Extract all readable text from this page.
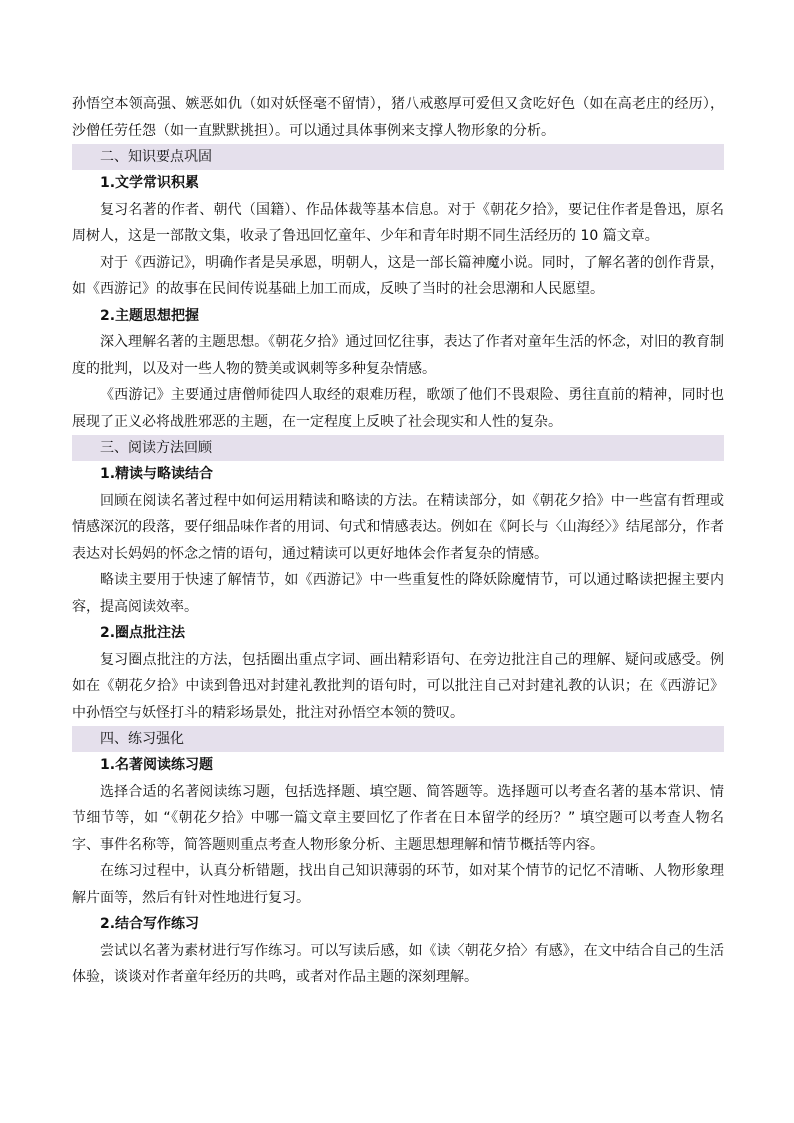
孙悟空本领高强、嫉恶如仇（如对妖怪毫不留情），猪八戒憨厚可爱但又贪吃好色（如在高老庄的经历），沙僧任劳任怨（如一直默默挑担）。可以通过具体事例来支撑人物形象的分析。

二、知识要点巩固

1.文学常识积累

复习名著的作者、朝代（国籍）、作品体裁等基本信息。对于《朝花夕拾》，要记住作者是鲁迅，原名周树人，这是一部散文集，收录了鲁迅回忆童年、少年和青年时期不同生活经历的 10 篇文章。

对于《西游记》，明确作者是吴承恩，明朝人，这是一部长篇神魔小说。同时，了解名著的创作背景，如《西游记》的故事在民间传说基础上加工而成，反映了当时的社会思潮和人民愿望。

2.主题思想把握

深入理解名著的主题思想。《朝花夕拾》通过回忆往事，表达了作者对童年生活的怀念，对旧的教育制度的批判，以及对一些人物的赞美或讽刺等多种复杂情感。

《西游记》主要通过唐僧师徒四人取经的艰难历程，歌颂了他们不畏艰险、勇往直前的精神，同时也展现了正义必将战胜邪恶的主题，在一定程度上反映了社会现实和人性的复杂。

三、阅读方法回顾

1.精读与略读结合

回顾在阅读名著过程中如何运用精读和略读的方法。在精读部分，如《朝花夕拾》中一些富有哲理或情感深沉的段落，要仔细品味作者的用词、句式和情感表达。例如在《阿长与〈山海经〉》结尾部分，作者表达对长妈妈的怀念之情的语句，通过精读可以更好地体会作者复杂的情感。

略读主要用于快速了解情节，如《西游记》中一些重复性的降妖除魔情节，可以通过略读把握主要内容，提高阅读效率。

2.圈点批注法

复习圈点批注的方法，包括圈出重点字词、画出精彩语句、在旁边批注自己的理解、疑问或感受。例如在《朝花夕拾》中读到鲁迅对封建礼教批判的语句时，可以批注自己对封建礼教的认识；在《西游记》中孙悟空与妖怪打斗的精彩场景处，批注对孙悟空本领的赞叹。

四、练习强化

1.名著阅读练习题

选择合适的名著阅读练习题，包括选择题、填空题、简答题等。选择题可以考查名著的基本常识、情节细节等，如 “《朝花夕拾》中哪一篇文章主要回忆了作者在日本留学的经历？” 填空题可以考查人物名字、事件名称等，简答题则重点考查人物形象分析、主题思想理解和情节概括等内容。

在练习过程中，认真分析错题，找出自己知识薄弱的环节，如对某个情节的记忆不清晰、人物形象理解片面等，然后有针对性地进行复习。

2.结合写作练习

尝试以名著为素材进行写作练习。可以写读后感，如《读〈朝花夕拾〉有感》，在文中结合自己的生活体验，谈谈对作者童年经历的共鸣，或者对作品主题的深刻理解。
